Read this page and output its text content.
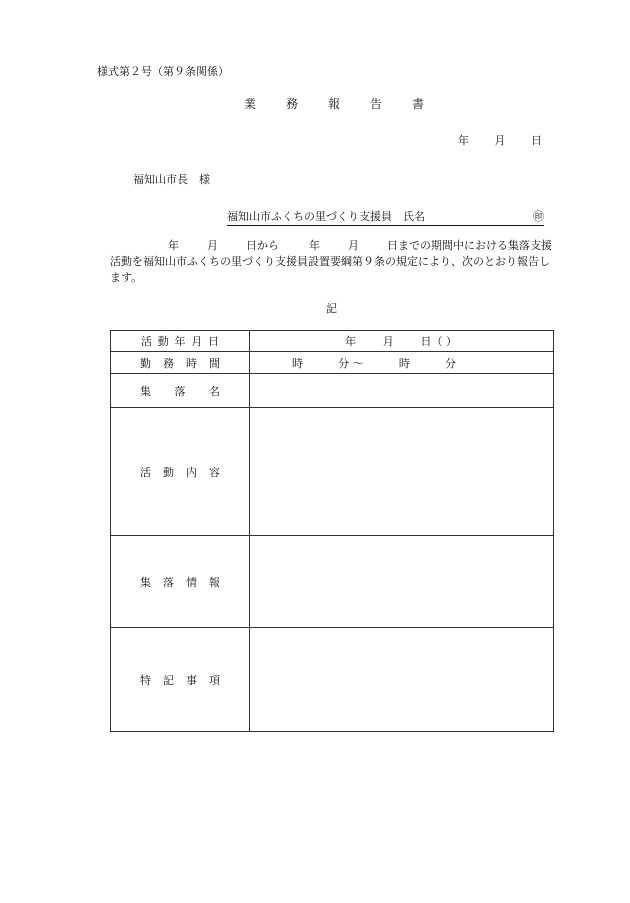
様式第２号（第９条関係）
業 務 報 告 書
年 月 日
福知山市長　様
福知山市ふくちの里づくり支援員　氏名	㊞
年	月	日から	年	月	日までの期間中における集落支援活動を福知山市ふくちの里づくり支援員設置要綱第９条の規定により、次のとおり報告します。
記
活 動 年 月 日	年 月 日（ ）

勤 務 時 間	時 分 ～ 時 分

集 落 名	

活 動 内 容	

集 落 情 報	

特 記 事 項	
